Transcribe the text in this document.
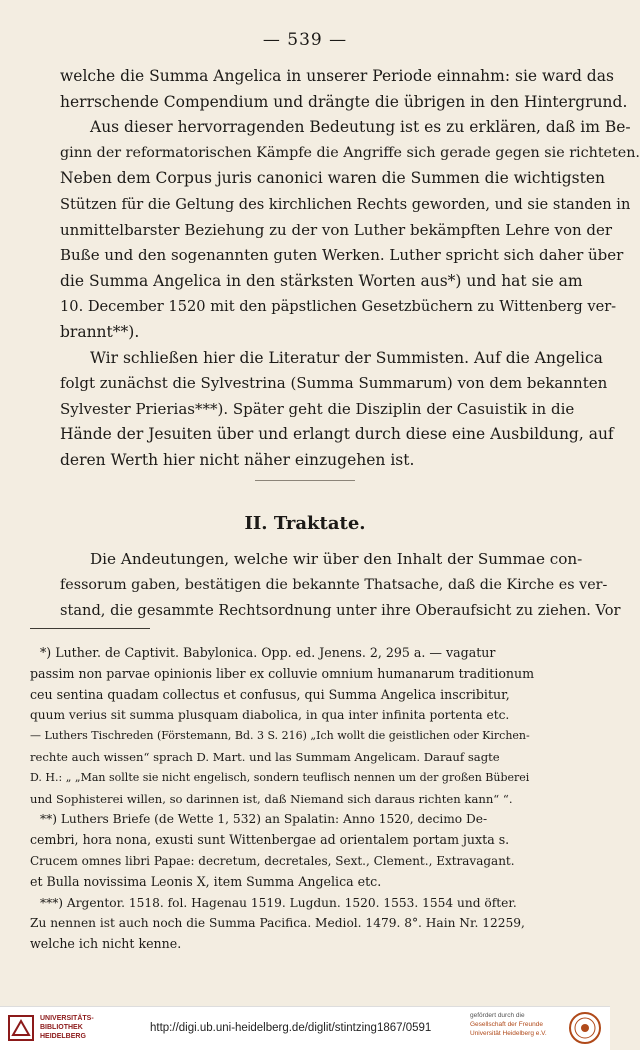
— 539 —
welche die Summa Angelica in unserer Periode einnahm: sie ward das
herrschende Compendium und drängte die übrigen in den Hintergrund.
Aus dieser hervorragenden Bedeutung ist es zu erklären, daß im Be-
ginn der reformatorischen Kämpfe die Angriffe sich gerade gegen sie richteten.
Neben dem Corpus juris canonici waren die Summen die wichtigsten
Stützen für die Geltung des kirchlichen Rechts geworden, und sie standen in
unmittelbarster Beziehung zu der von Luther bekämpften Lehre von der
Buße und den sogenannten guten Werken. Luther spricht sich daher über
die Summa Angelica in den stärksten Worten aus*) und hat sie am
10. December 1520 mit den päpstlichen Gesetzbüchern zu Wittenberg ver-
brannt**).
Wir schließen hier die Literatur der Summisten. Auf die Angelica
folgt zunächst die Sylvestrina (Summa Summarum) von dem bekannten
Sylvester Prierias***). Später geht die Disziplin der Casuistik in die
Hände der Jesuiten über und erlangt durch diese eine Ausbildung, auf
deren Werth hier nicht näher einzugehen ist.
II. Traktate.
Die Andeutungen, welche wir über den Inhalt der Summae con-
fessorum gaben, bestätigen die bekannte Thatsache, daß die Kirche es ver-
stand, die gesammte Rechtsordnung unter ihre Oberaufsicht zu ziehen. Vor
*) Luther. de Captivit. Babylonica. Opp. ed. Jenens. 2, 295 a. — vagatur
passim non parvae opinionis liber ex colluvie omnium humanarum traditionum
ceu sentina quadam collectus et confusus, qui Summa Angelica inscribitur,
quum verius sit summa plusquam diabolica, in qua inter infinita portenta etc.
— Luthers Tischreden (Förstemann, Bd. 3 S. 216) „Ich wollt die geistlichen oder Kirchen-
rechte auch wissen“ sprach D. Mart. und las Summam Angelicam. Darauf sagte
D. H.: „ „Man sollte sie nicht engelisch, sondern teuflisch nennen um der großen Büberei
und Sophisterei willen, so darinnen ist, daß Niemand sich daraus richten kann“ “.
**) Luthers Briefe (de Wette 1, 532) an Spalatin: Anno 1520, decimo De-
cembri, hora nona, exusti sunt Wittenbergae ad orientalem portam juxta s.
Crucem omnes libri Papae: decretum, decretales, Sext., Clement., Extravagant.
et Bulla novissima Leonis X, item Summa Angelica etc.
***) Argentor. 1518. fol. Hagenau 1519. Lugdun. 1520. 1553. 1554 und öfter.
Zu nennen ist auch noch die Summa Pacifica. Mediol. 1479. 8°. Hain Nr. 12259,
welche ich nicht kenne.
UNIVERSITÄTS-
BIBLIOTHEK
HEIDELBERG
http://digi.ub.uni-heidelberg.de/diglit/stintzing1867/0591
gefördert durch die
Gesellschaft der Freunde
Universität Heidelberg e.V.
